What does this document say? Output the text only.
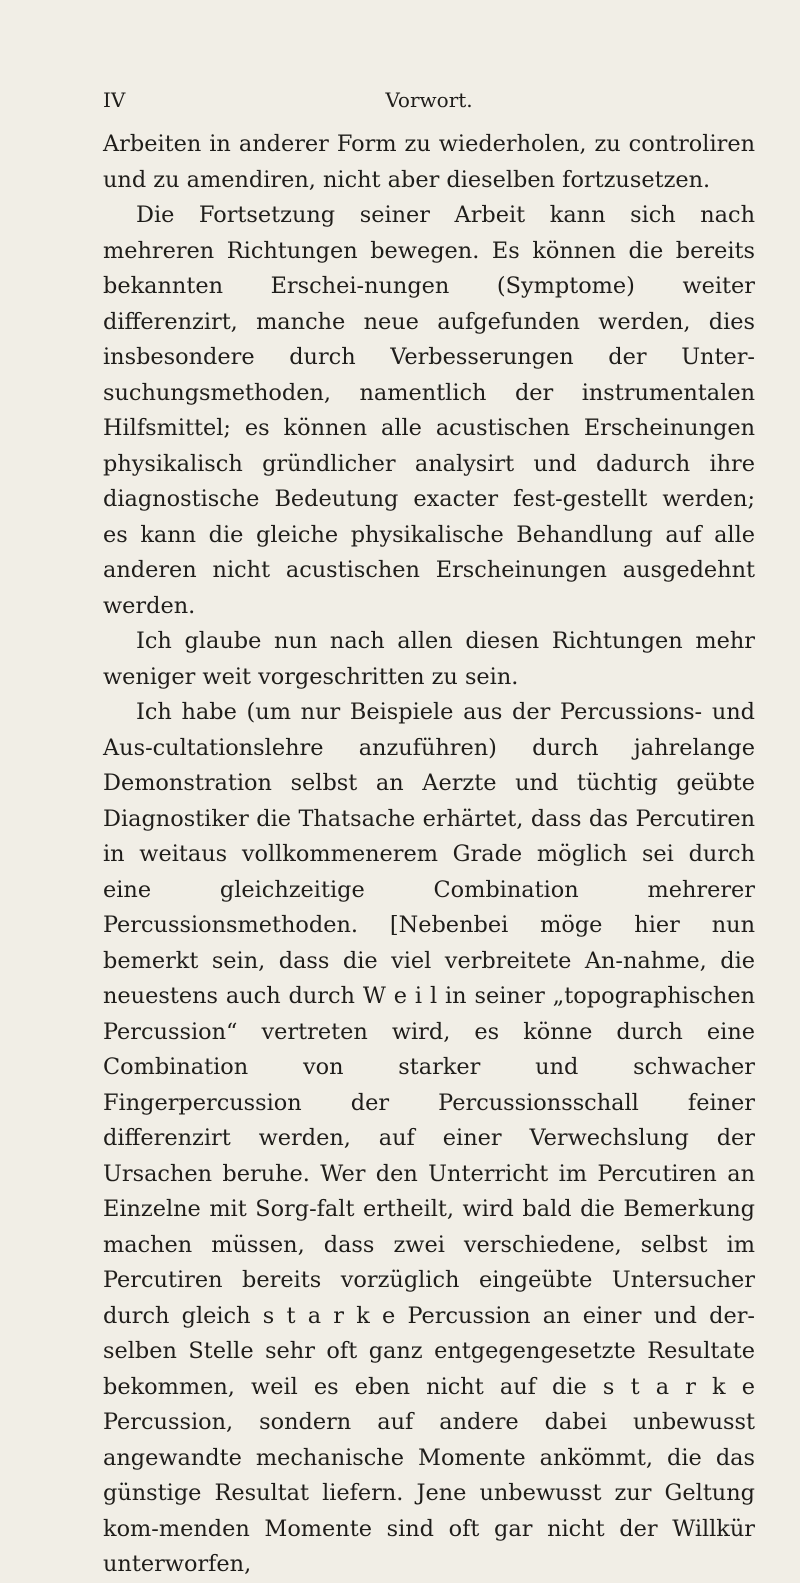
IV	Vorwort.

Arbeiten in anderer Form zu wiederholen, zu controliren und zu amendiren, nicht aber dieselben fortzusetzen.

Die Fortsetzung seiner Arbeit kann sich nach mehreren Richtungen bewegen. Es können die bereits bekannten Erschei-nungen (Symptome) weiter differenzirt, manche neue aufgefunden werden, dies insbesondere durch Verbesserungen der Unter-suchungsmethoden, namentlich der instrumentalen Hilfsmittel; es können alle acustischen Erscheinungen physikalisch gründlicher analysirt und dadurch ihre diagnostische Bedeutung exacter fest-gestellt werden; es kann die gleiche physikalische Behandlung auf alle anderen nicht acustischen Erscheinungen ausgedehnt werden.

Ich glaube nun nach allen diesen Richtungen mehr weniger weit vorgeschritten zu sein.

Ich habe (um nur Beispiele aus der Percussions- und Aus-cultationslehre anzuführen) durch jahrelange Demonstration selbst an Aerzte und tüchtig geübte Diagnostiker die Thatsache erhärtet, dass das Percutiren in weitaus vollkommenerem Grade möglich sei durch eine gleichzeitige Combination mehrerer Percussionsmethoden. [Nebenbei möge hier nun bemerkt sein, dass die viel verbreitete An-nahme, die neuestens auch durch W e i l in seiner „topographischen Percussion“ vertreten wird, es könne durch eine Combination von starker und schwacher Fingerpercussion der Percussionsschall feiner differenzirt werden, auf einer Verwechslung der Ursachen beruhe. Wer den Unterricht im Percutiren an Einzelne mit Sorg-falt ertheilt, wird bald die Bemerkung machen müssen, dass zwei verschiedene, selbst im Percutiren bereits vorzüglich eingeübte Untersucher durch gleich s t a r k e Percussion an einer und der-selben Stelle sehr oft ganz entgegengesetzte Resultate bekommen, weil es eben nicht auf die s t a r k e Percussion, sondern auf andere dabei unbewusst angewandte mechanische Momente ankömmt, die das günstige Resultat liefern. Jene unbewusst zur Geltung kom-menden Momente sind oft gar nicht der Willkür unterworfen,
